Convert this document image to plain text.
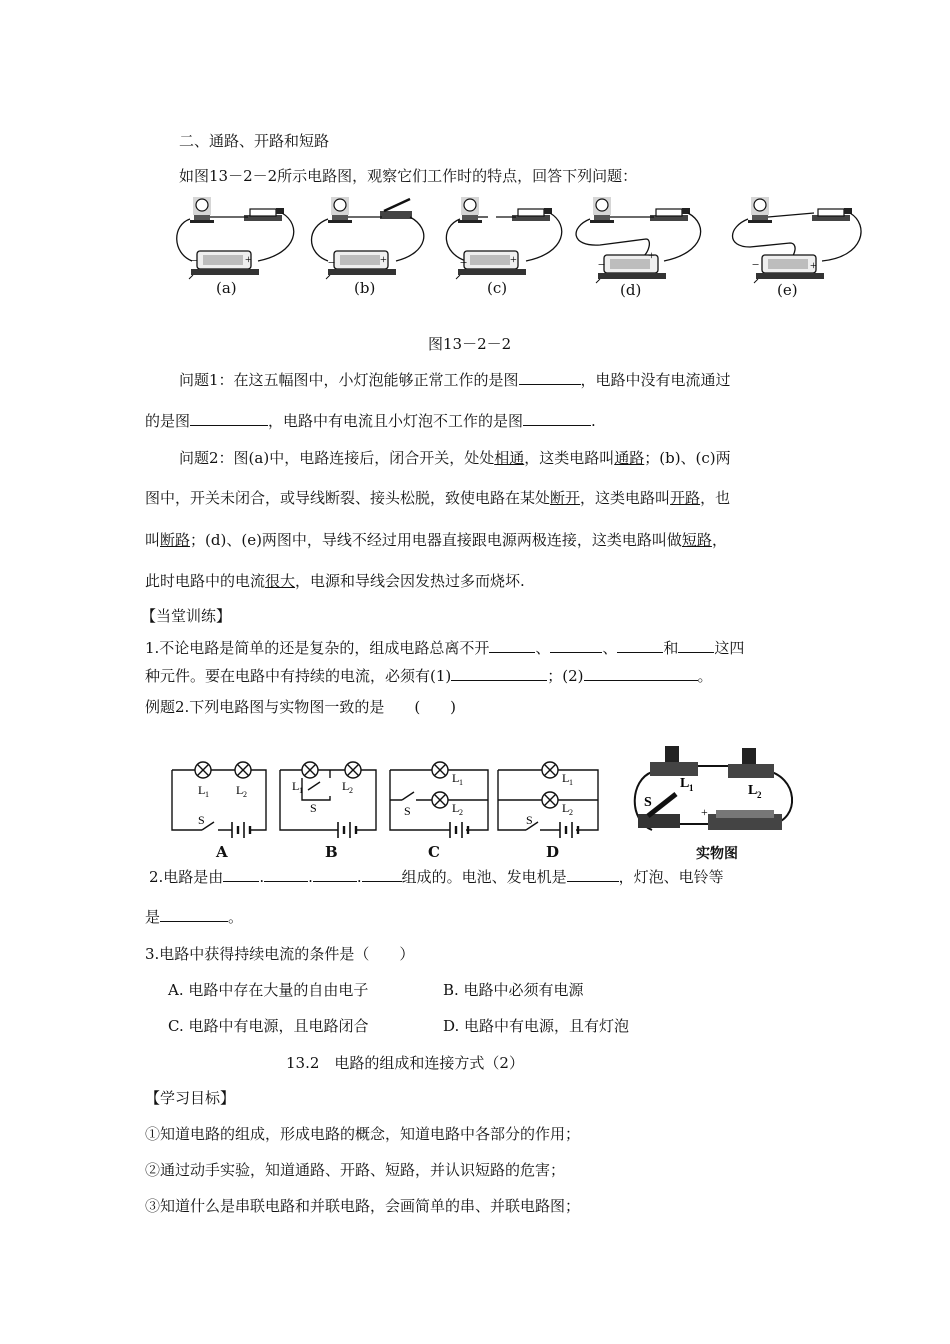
二、通路、开路和短路
如图13－2－2所示电路图，观察它们工作时的特点，回答下列问题：
−	+	−	+	−	+	−
+
−	+
(a)	(b)	(c)	(d)	(e)
图13－2－2
问题1：在这五幅图中，小灯泡能够正常工作的是图	，电路中没有电流通过
的是图	，电路中有电流且小灯泡不工作的是图	.
问题2：图(a)中，电路连接后，闭合开关，处处相通，这类电路叫通路；(b)、(c)两
图中，开关未闭合，或导线断裂、接头松脱，致使电路在某处断开，这类电路叫开路，也
叫断路；(d)、(e)两图中，导线不经过用电器直接跟电源两极连接，这类电路叫做短路，
此时电路中的电流很大，电源和导线会因发热过多而烧坏.
【当堂训练】
1.不论电路是简单的还是复杂的，组成电路总离不开	、	、	和 这四
种元件。要在电路中有持续的电流，必须有(1)	；(2)	。
例题2.下列电路图与实物图一致的是　　(　　)
L 1 L 2
S
L 1	L 2
S
L 1
L 2
S
L 1
L 2
S
L 1	L 2
S
+
A	B	C	D	实物图
2.电路是由 .	.	.	组成的。电池、发电机是	，灯泡、电铃等
是	。
3.电路中获得持续电流的条件是（　　）
A. 电路中存在大量的自由电子	B. 电路中必须有电源
C. 电路中有电源，且电路闭合	D. 电路中有电源，且有灯泡
13.2　电路的组成和连接方式（2）
【学习目标】
①知道电路的组成，形成电路的概念，知道电路中各部分的作用；
②通过动手实验，知道通路、开路、短路，并认识短路的危害；
③知道什么是串联电路和并联电路，会画简单的串、并联电路图；
